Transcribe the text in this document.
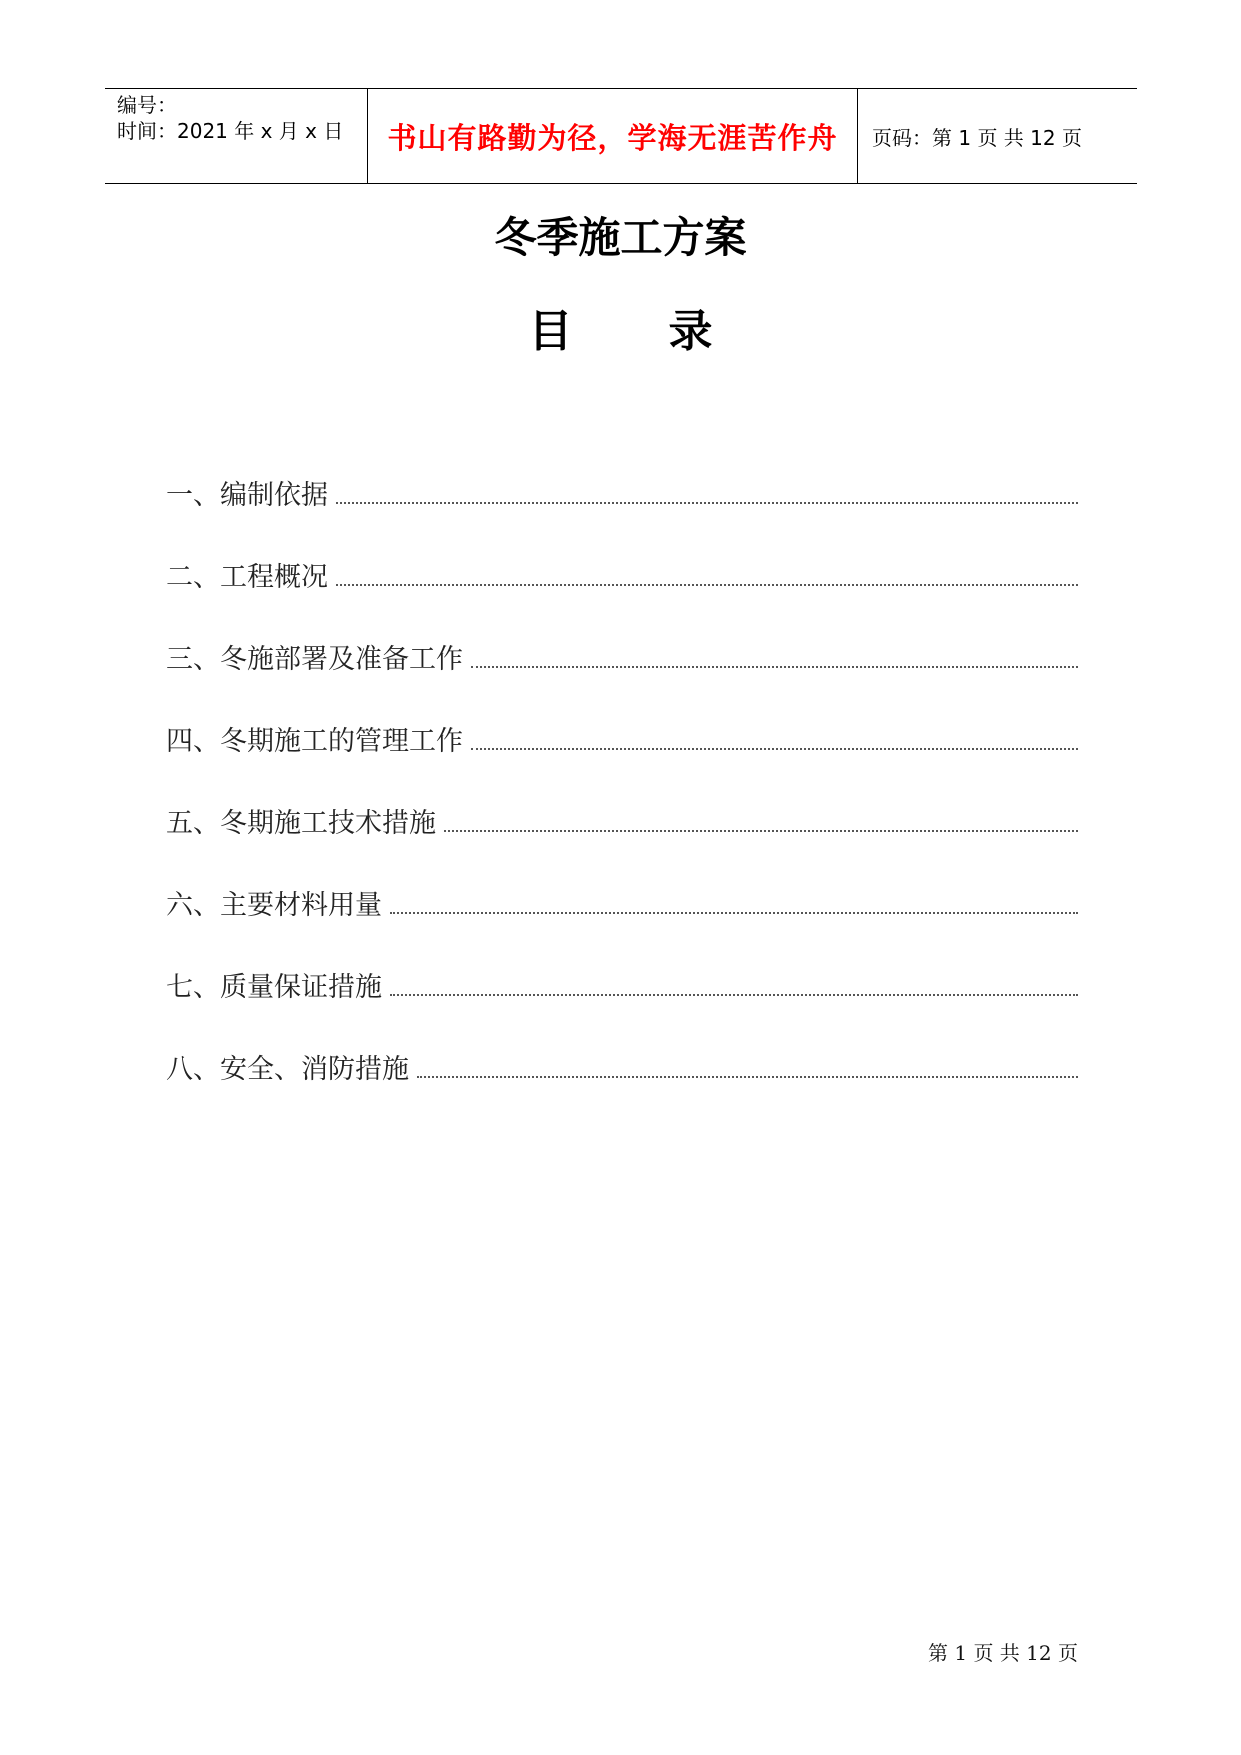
编号：
时间：2021 年 x 月 x 日 书山有路勤为径，学海无涯苦作舟 页码：第 1 页 共 12 页
冬季施工方案
目录
一、编制依据
二、工程概况
三、冬施部署及准备工作
四、冬期施工的管理工作
五、冬期施工技术措施
六、主要材料用量
七、质量保证措施
八、安全、消防措施
第 1 页 共 12 页
